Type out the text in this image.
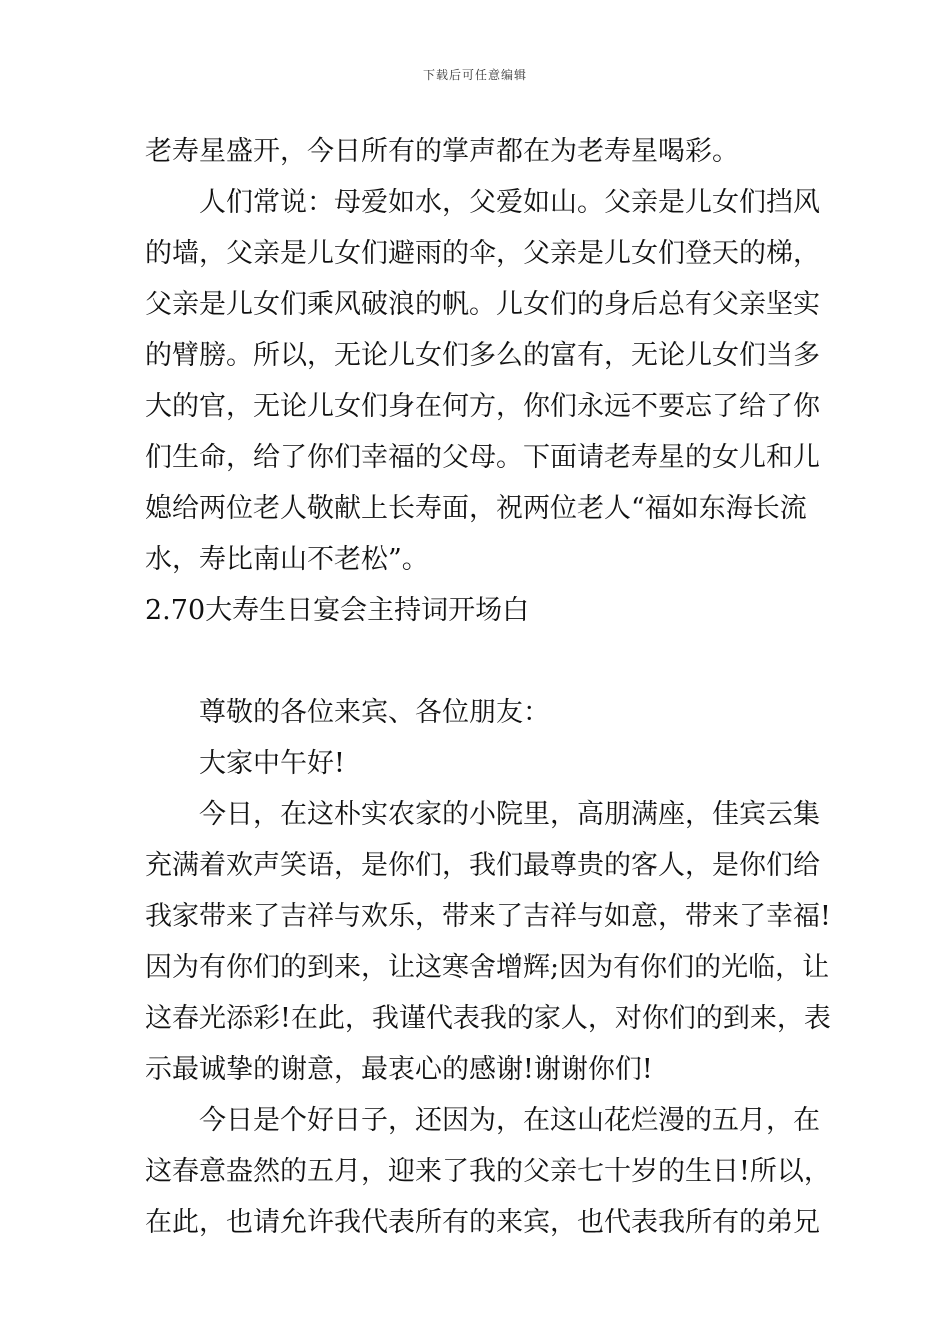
下载后可任意编辑
老寿星盛开，今日所有的掌声都在为老寿星喝彩。
人们常说：母爱如水，父爱如山。父亲是儿女们挡风
的墙，父亲是儿女们避雨的伞，父亲是儿女们登天的梯，
父亲是儿女们乘风破浪的帆。儿女们的身后总有父亲坚实
的臂膀。所以，无论儿女们多么的富有，无论儿女们当多
大的官，无论儿女们身在何方，你们永远不要忘了给了你
们生命，给了你们幸福的父母。下面请老寿星的女儿和儿
媳给两位老人敬献上长寿面，祝两位老人“福如东海长流
水，寿比南山不老松”。
2.70大寿生日宴会主持词开场白
尊敬的各位来宾、各位朋友：
大家中午好!
今日，在这朴实农家的小院里，高朋满座，佳宾云集
充满着欢声笑语，是你们，我们最尊贵的客人，是你们给
我家带来了吉祥与欢乐，带来了吉祥与如意，带来了幸福!
因为有你们的到来，让这寒舍增辉;因为有你们的光临，让
这春光添彩!在此，我谨代表我的家人，对你们的到来，表
示最诚挚的谢意，最衷心的感谢!谢谢你们!
今日是个好日子，还因为，在这山花烂漫的五月，在
这春意盎然的五月，迎来了我的父亲七十岁的生日!所以，
在此，也请允许我代表所有的来宾，也代表我所有的弟兄
